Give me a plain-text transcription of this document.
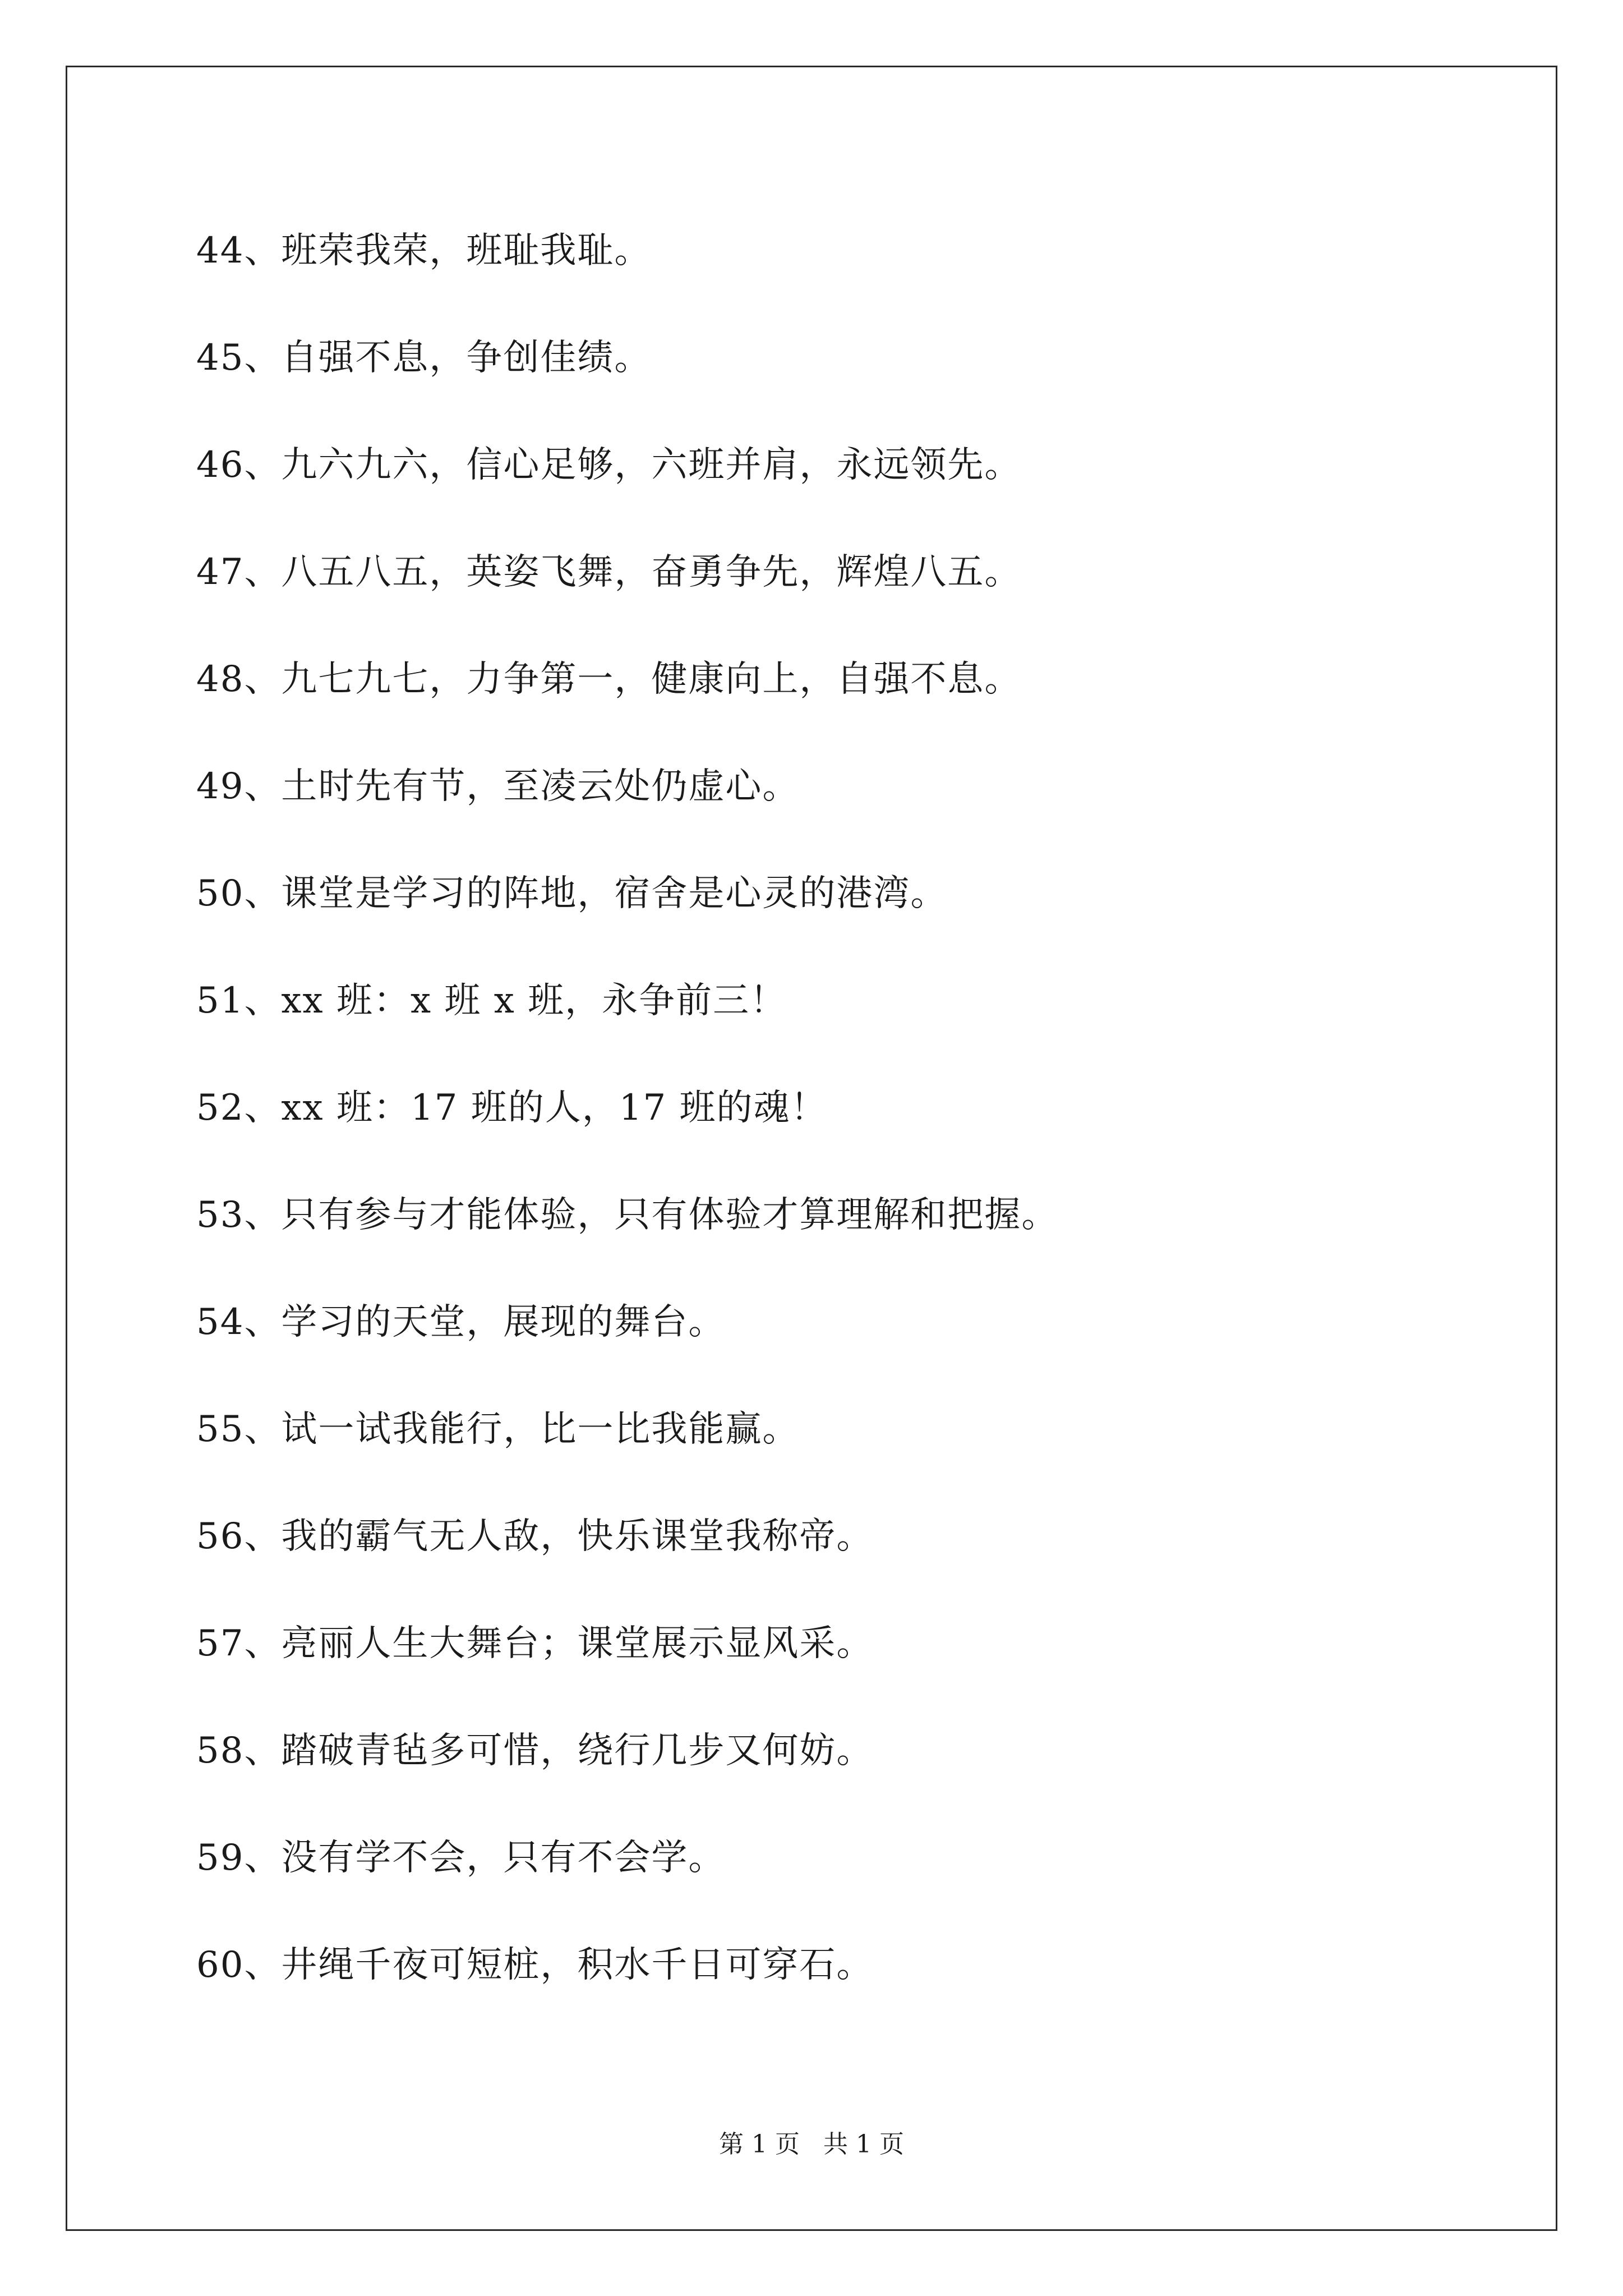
44、班荣我荣，班耻我耻。
45、自强不息，争创佳绩。
46、九六九六，信心足够，六班并肩，永远领先。
47、八五八五，英姿飞舞，奋勇争先，辉煌八五。
48、九七九七，力争第一，健康向上，自强不息。
49、土时先有节，至凌云处仍虚心。
50、课堂是学习的阵地，宿舍是心灵的港湾。
51、xx 班：x 班 x 班，永争前三！
52、xx 班：17 班的人，17 班的魂！
53、只有参与才能体验，只有体验才算理解和把握。
54、学习的天堂，展现的舞台。
55、试一试我能行，比一比我能赢。
56、我的霸气无人敌，快乐课堂我称帝。
57、亮丽人生大舞台；课堂展示显风采。
58、踏破青毡多可惜，绕行几步又何妨。
59、没有学不会，只有不会学。
60、井绳千夜可短桩，积水千日可穿石。
第 1 页   共 1 页
